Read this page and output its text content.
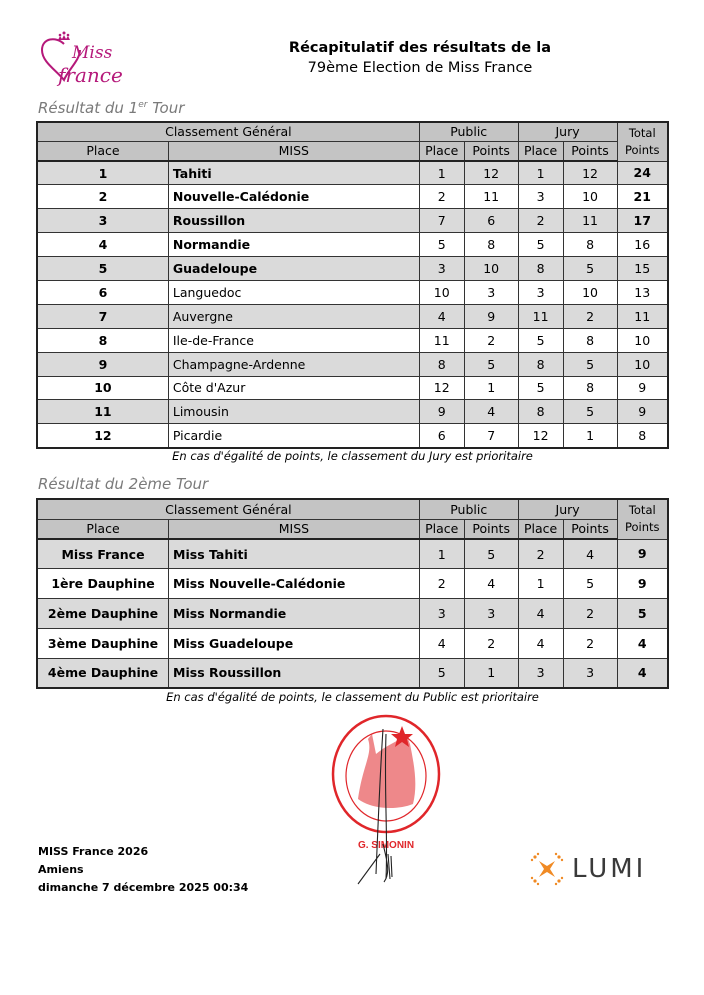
Miss
france
Récapitulatif des résultats de la
79ème Election de Miss France
Résultat du 1er Tour
Classement Général		Public		Jury		Total
Points

Place	MISS	Place	Points	Place	Points	
1	Tahiti	1	12	1	12	24
2	Nouvelle-Calédonie	2	11	3	10	21
3	Roussillon	7	6	2	11	17
4	Normandie	5	8	5	8	16
5	Guadeloupe	3	10	8	5	15
6	Languedoc	10	3	3	10	13
7	Auvergne	4	9	11	2	11
8	Ile-de-France	11	2	5	8	10
9	Champagne-Ardenne	8	5	8	5	10
10	Côte d'Azur	12	1	5	8	9
11	Limousin	9	4	8	5	9
12	Picardie	6	7	12	1	8
En cas d'égalité de points, le classement du Jury est prioritaire
Résultat du 2ème Tour
Classement Général		Public		Jury		Total
Points

Place	MISS	Place	Points	Place	Points	
Miss France	Miss Tahiti	1	5	2	4	9
1ère Dauphine	Miss Nouvelle-Calédonie	2	4	1	5	9
2ème Dauphine	Miss Normandie	3	3	4	2	5
3ème Dauphine	Miss Guadeloupe	4	2	4	2	4
4ème Dauphine	Miss Roussillon	5	1	3	3	4
En cas d'égalité de points, le classement du Public est prioritaire
G. SIMONIN
MISS France 2026
Amiens
dimanche 7 décembre 2025 00:34
LUMI
